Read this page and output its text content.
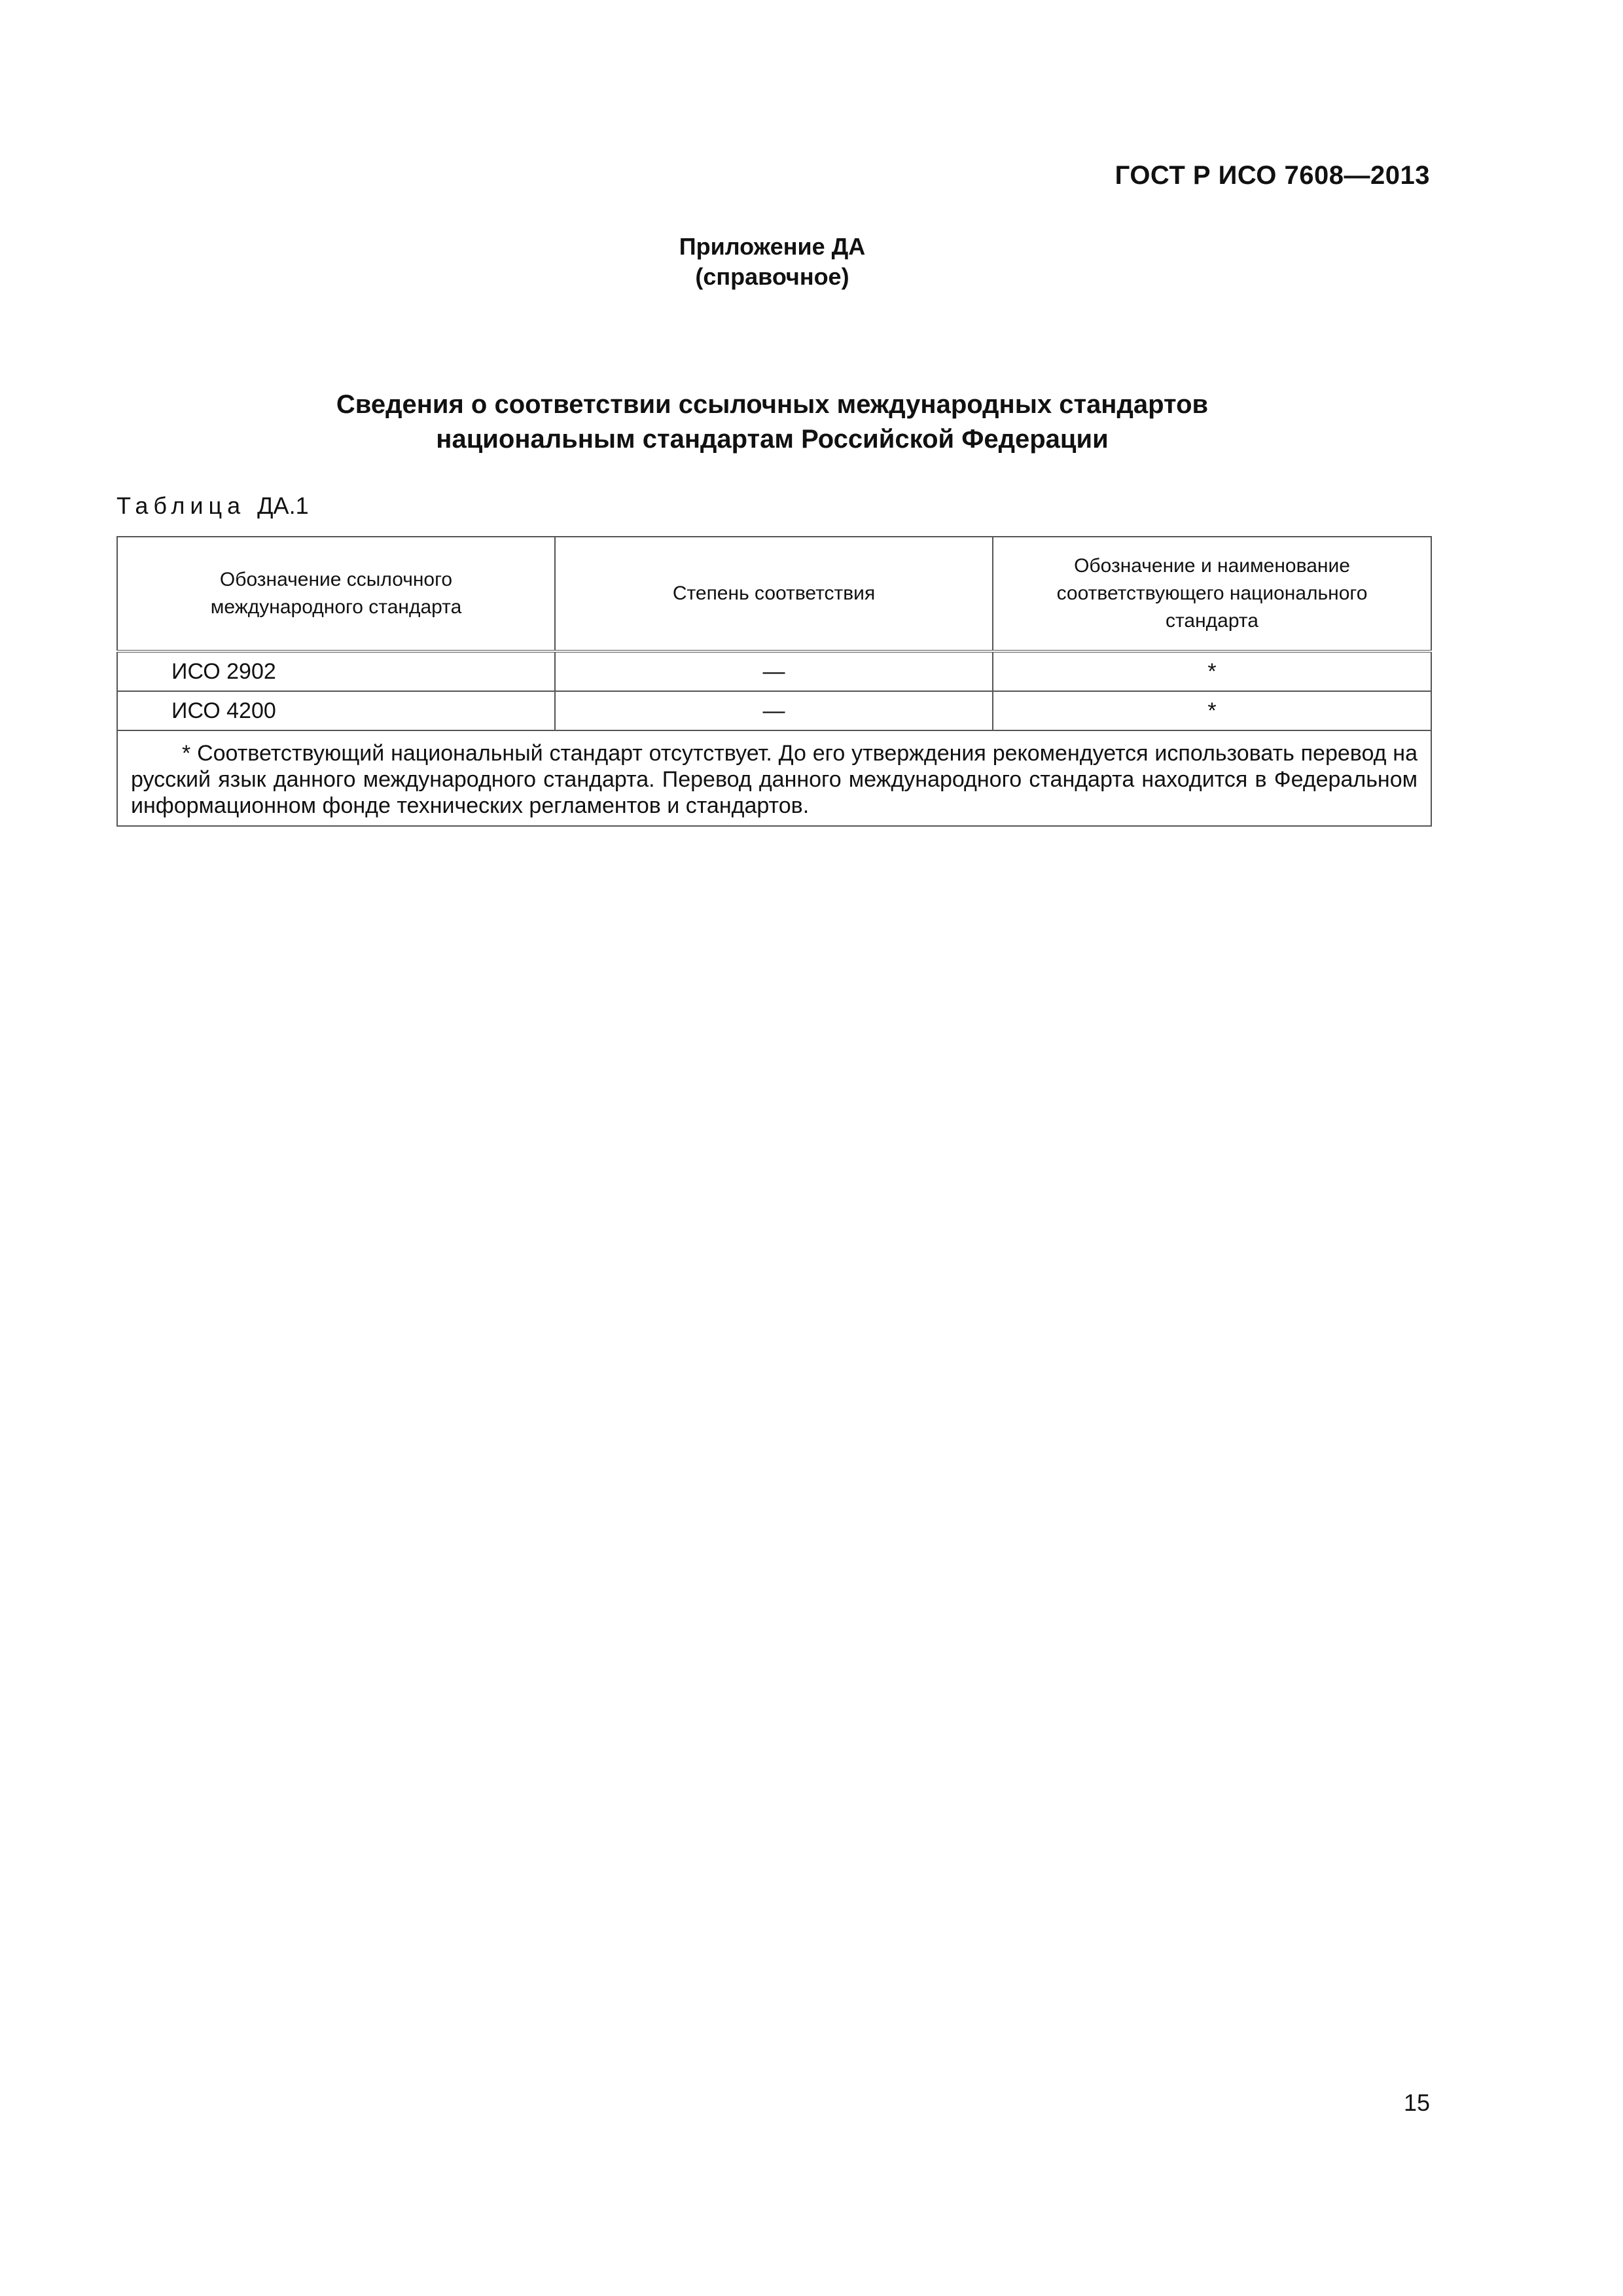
ГОСТ Р ИСО 7608—2013
Приложение ДА
(справочное)
Сведения о соответствии ссылочных международных стандартов
национальным стандартам Российской Федерации
Таблица ДА.1
Обозначение ссылочного международного стандарта	Степень соответствия	Обозначение и наименование соответствующего национального стандарта

ИСО 2902	—	*
ИСО 4200	—	*
* Соответствующий национальный стандарт отсутствует. До его утверждения рекомендуется использовать перевод на русский язык данного международного стандарта. Перевод данного международного стандарта находится в Федеральном информационном фонде технических регламентов и стандартов.		
15
